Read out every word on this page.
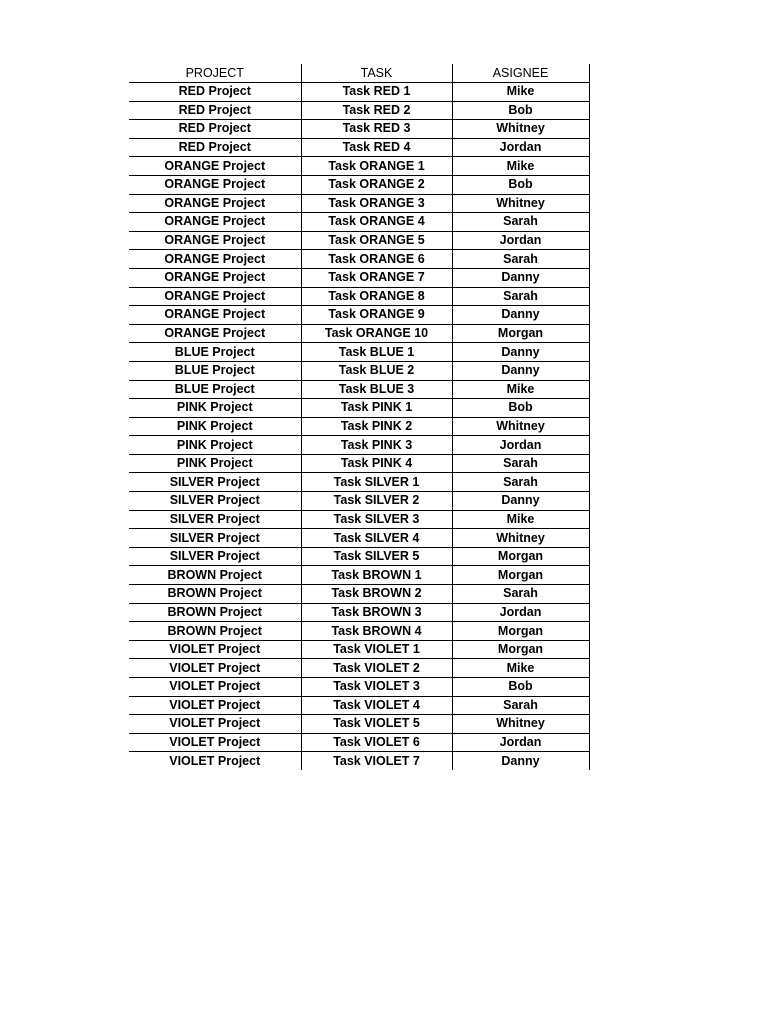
PROJECT	TASK	ASIGNEE
RED Project	Task RED 1	Mike
RED Project	Task RED 2	Bob
RED Project	Task RED 3	Whitney
RED Project	Task RED 4	Jordan
ORANGE Project	Task ORANGE 1	Mike
ORANGE Project	Task ORANGE 2	Bob
ORANGE Project	Task ORANGE 3	Whitney
ORANGE Project	Task ORANGE 4	Sarah
ORANGE Project	Task ORANGE 5	Jordan
ORANGE Project	Task ORANGE 6	Sarah
ORANGE Project	Task ORANGE 7	Danny
ORANGE Project	Task ORANGE 8	Sarah
ORANGE Project	Task ORANGE 9	Danny
ORANGE Project	Task ORANGE 10	Morgan
BLUE Project	Task BLUE 1	Danny
BLUE Project	Task BLUE 2	Danny
BLUE Project	Task BLUE 3	Mike
PINK Project	Task PINK 1	Bob
PINK Project	Task PINK 2	Whitney
PINK Project	Task PINK 3	Jordan
PINK Project	Task PINK 4	Sarah
SILVER Project	Task SILVER 1	Sarah
SILVER Project	Task SILVER 2	Danny
SILVER Project	Task SILVER 3	Mike
SILVER Project	Task SILVER 4	Whitney
SILVER Project	Task SILVER 5	Morgan
BROWN Project	Task BROWN 1	Morgan
BROWN Project	Task BROWN 2	Sarah
BROWN Project	Task BROWN 3	Jordan
BROWN Project	Task BROWN 4	Morgan
VIOLET Project	Task VIOLET 1	Morgan
VIOLET Project	Task VIOLET 2	Mike
VIOLET Project	Task VIOLET 3	Bob
VIOLET Project	Task VIOLET 4	Sarah
VIOLET Project	Task VIOLET 5	Whitney
VIOLET Project	Task VIOLET 6	Jordan
VIOLET Project	Task VIOLET 7	Danny
